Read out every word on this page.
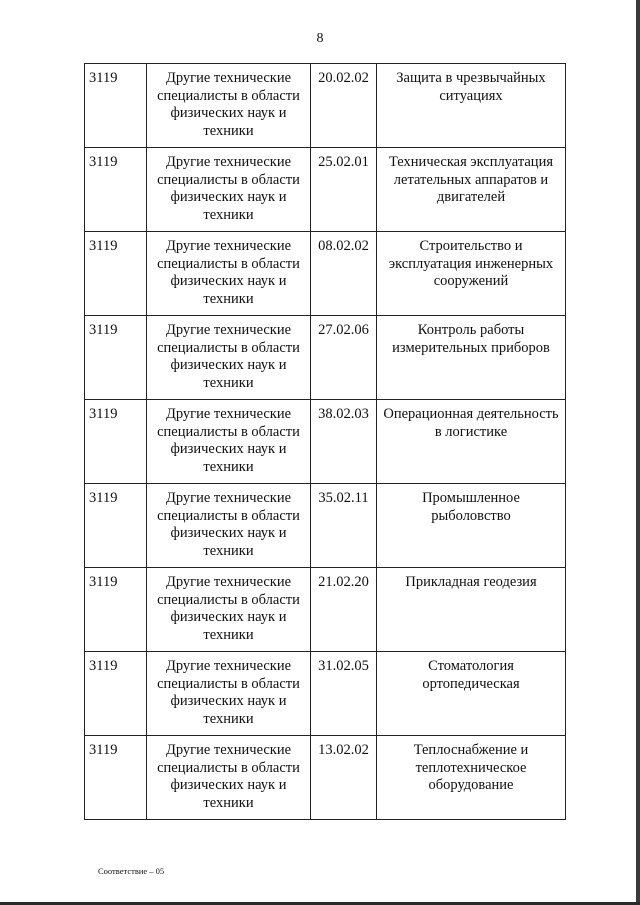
8
3119	Другие технические специалисты в области физических наук и техники	20.02.02	Защита в чрезвычайных ситуациях
3119	Другие технические специалисты в области физических наук и техники	25.02.01	Техническая эксплуатация летательных аппаратов и двигателей
3119	Другие технические специалисты в области физических наук и техники	08.02.02	Строительство и эксплуатация инженерных сооружений
3119	Другие технические специалисты в области физических наук и техники	27.02.06	Контроль работы измерительных приборов
3119	Другие технические специалисты в области физических наук и техники	38.02.03	Операционная деятельность в логистике
3119	Другие технические специалисты в области физических наук и техники	35.02.11	Промышленное рыболовство
3119	Другие технические специалисты в области физических наук и техники	21.02.20	Прикладная геодезия
3119	Другие технические специалисты в области физических наук и техники	31.02.05	Стоматология ортопедическая
3119	Другие технические специалисты в области физических наук и техники	13.02.02	Теплоснабжение и теплотехническое оборудование
Соответствие – 05
